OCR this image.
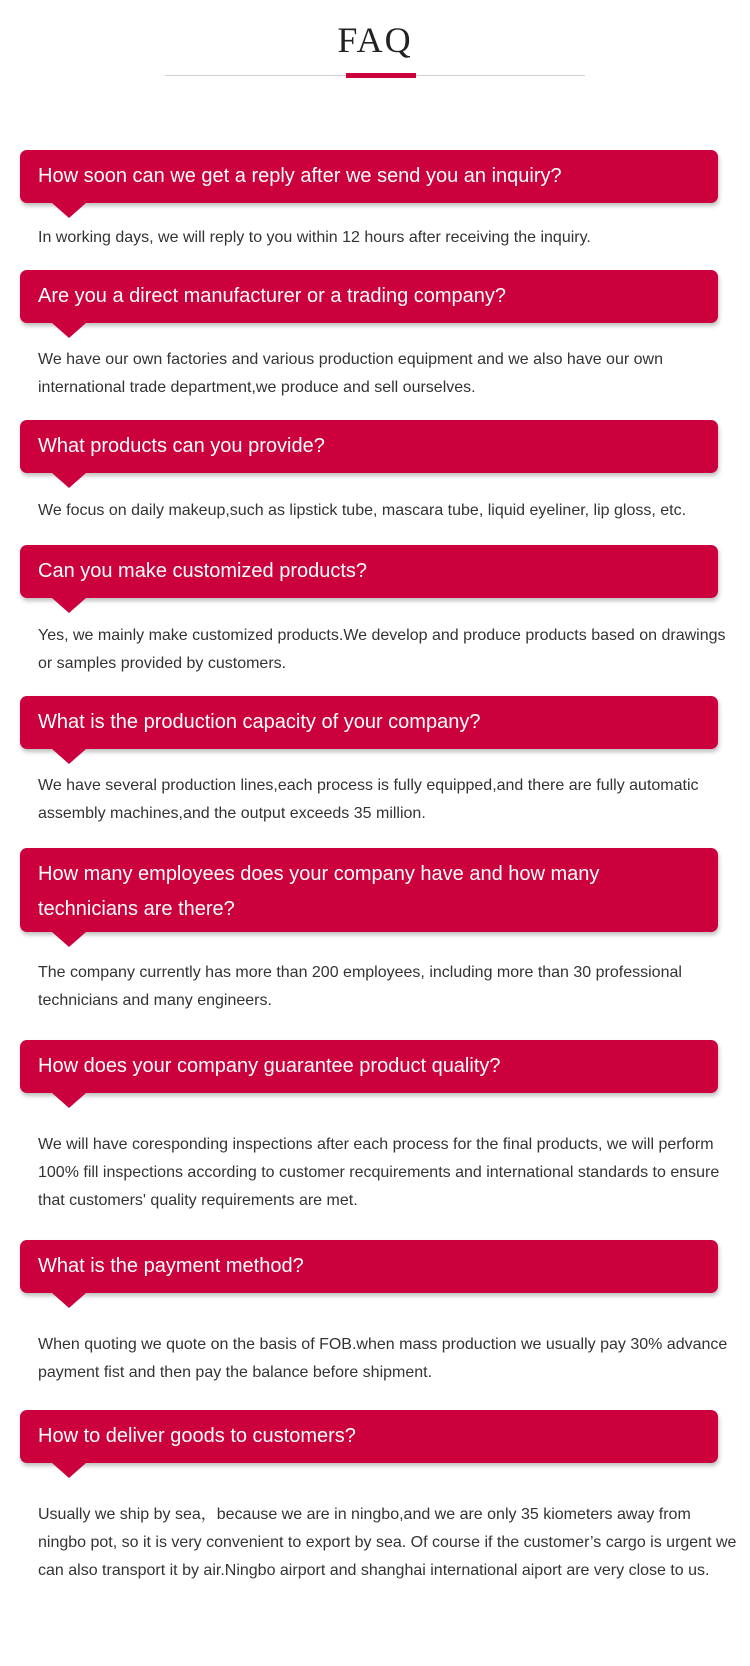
FAQ
How soon can we get a reply after we send you an inquiry?
In working days, we will reply to you within 12 hours after receiving the inquiry.
Are you a direct manufacturer or a trading company?
We have our own factories and various production equipment and we also have our own international trade department,we produce and sell ourselves.
What products can you provide?
We focus on daily makeup,such as lipstick tube, mascara tube, liquid eyeliner, lip gloss, etc.
Can you make customized products?
Yes, we mainly make customized products.We develop and produce products based on drawings or samples provided by customers.
What is the production capacity of your company?
We have several production lines,each process is fully equipped,and there are fully automatic assembly machines,and the output exceeds 35 million.
How many employees does your company have and how many technicians are there?
The company currently has more than 200 employees, including more than 30 professional technicians and many engineers.
How does your company guarantee product quality?
We will have coresponding inspections after each process for the final products, we will perform 100% fill inspections according to customer recquirements and international standards to ensure that customers' quality requirements are met.
What is the payment method?
When quoting we quote on the basis of FOB.when mass production we usually pay 30% advance payment fist and then pay the balance before shipment.
How to deliver goods to customers?
Usually we ship by sea，because we are in ningbo,and we are only 35 kiometers away from ningbo pot, so it is very convenient to export by sea. Of course if the customer’s cargo is urgent we can also transport it by air.Ningbo airport and shanghai international aiport are very close to us.
